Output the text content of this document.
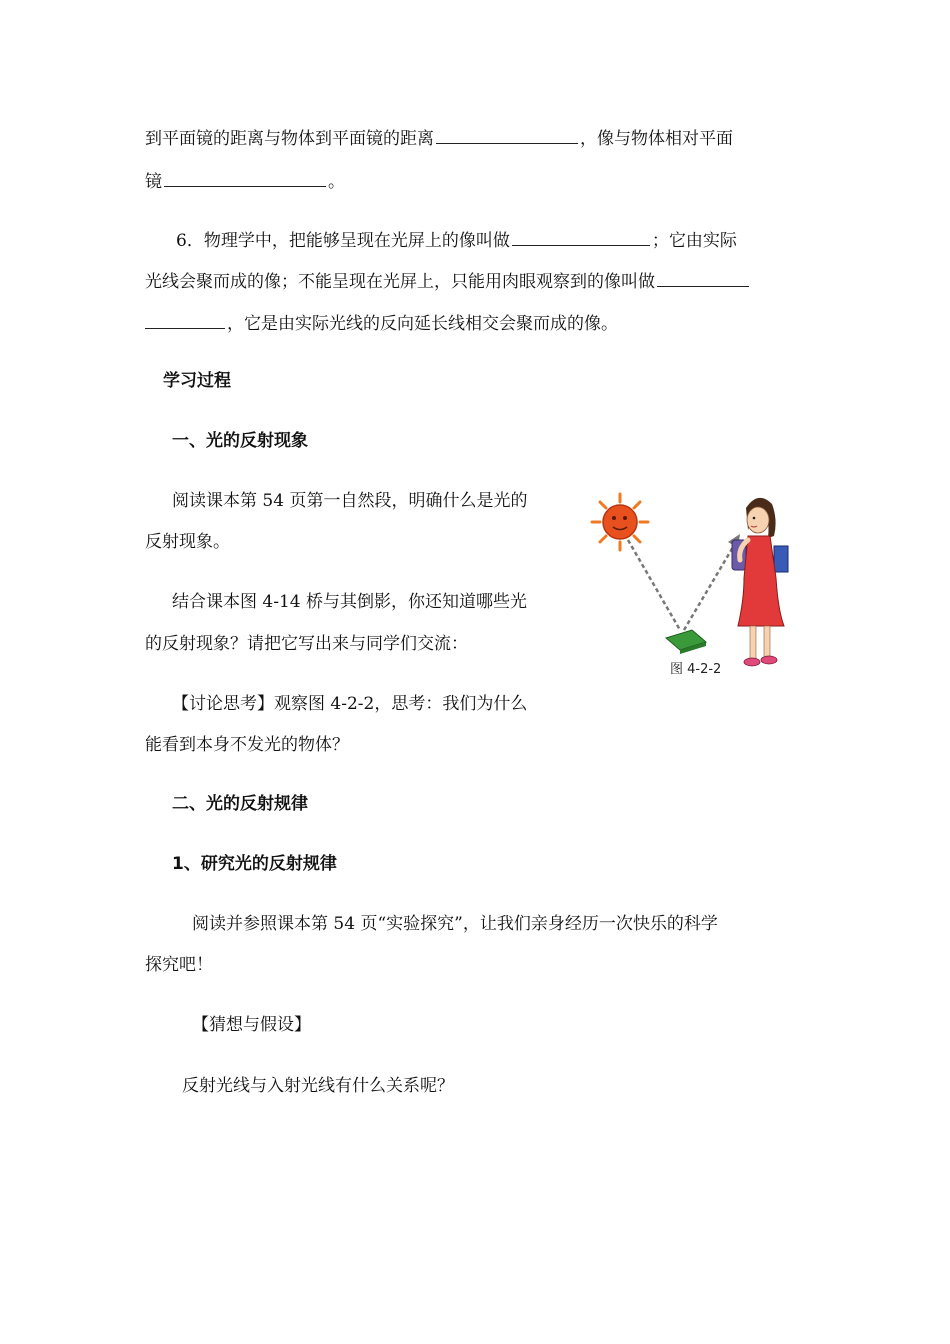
到平面镜的距离与物体到平面镜的距离	，像与物体相对平面
镜	。
6．物理学中，把能够呈现在光屏上的像叫做	；它由实际
光线会聚而成的像；不能呈现在光屏上，只能用肉眼观察到的像叫做
，它是由实际光线的反向延长线相交会聚而成的像。
学习过程
一、光的反射现象
阅读课本第 54 页第一自然段，明确什么是光的
反射现象。
结合课本图 4-14 桥与其倒影，你还知道哪些光
的反射现象？请把它写出来与同学们交流：
【讨论思考】观察图 4-2-2，思考：我们为什么
能看到本身不发光的物体？
图 4-2-2
二、光的反射规律
1、研究光的反射规律
阅读并参照课本第 54 页“实验探究”，让我们亲身经历一次快乐的科学
探究吧！
【猜想与假设】
反射光线与入射光线有什么关系呢？
